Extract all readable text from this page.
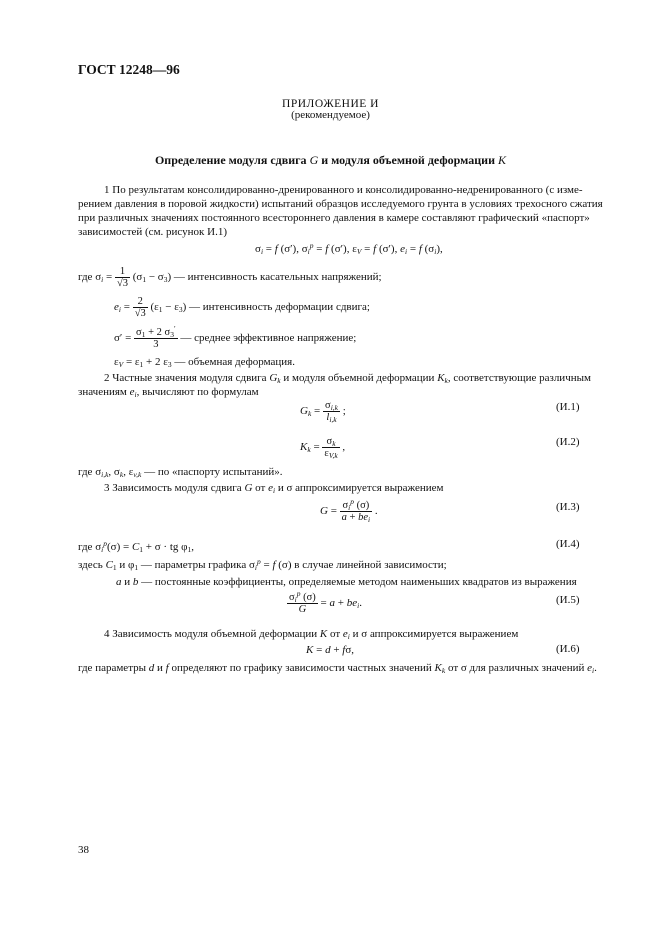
ГОСТ 12248—96
ПРИЛОЖЕНИЕ И
(рекомендуемое)
Определение модуля сдвига G и модуля объемной деформации K
1 По результатам консолидированно-дренированного и консолидированно-недренированного (с изме-
рением давления в поровой жидкости) испытаний образцов исследуемого грунта в условиях трехосного сжатия
при различных значениях постоянного всестороннего давления в камере составляют графический «паспорт»
зависимостей (см. рисунок И.1)
$\sigma_i = f$ (σ′), $\sigma_i^p = f$ (σ′), $\varepsilon_V = f$ (σ′), $e_i = f$ $(\sigma_i)$,
где $\sigma_i = \frac{1}{√3} (\sigma_1 - \sigma_3)$ — интенсивность касательных напряжений;
$e_i = \frac{2}{√3} (\varepsilon_1 - \varepsilon_3)$ — интенсивность деформации сдвига;
$\sigma' = \frac{\sigma_1 + 2 \sigma_3'}{3}$ — среднее эффективное напряжение;
$\varepsilon_V = \varepsilon_1 + 2$ $\varepsilon_3$ — объемная деформация.
2 Частные значения модуля сдвига $G_k$ и модуля объемной деформации $K_k$, соответствующие различным
значениям $e_i$, вычисляют по формулам
$G_k = \frac{\sigma_{i,k}}{l_{i,k}}$ ;	(И.1)
$K_k = \frac{\sigma_k}{\varepsilon_{V,k}}$ ,	(И.2)
где $\sigma_{i,k}$, $\sigma_k$, $\varepsilon_{v,k}$ — по «паспорту испытаний».
3 Зависимость модуля сдвига G от $e_i$ и σ аппроксимируется выражением
$G = \frac{\sigma_i^p (\sigma)}{a + be_i}$ .	(И.3)
где $\sigma_i^p(\sigma) = C_1 + \sigma$ · tg $\varphi_1$,	(И.4)
здесь $C_1$ и $\varphi_1$ — параметры графика $\sigma_i^p = f$ (σ) в случае линейной зависимости;
a и b — постоянные коэффициенты, определяемые методом наименьших квадратов из выражения
$\frac{\sigma_i^p (\sigma)}{G} = a + be_i$.	(И.5)
4 Зависимость модуля объемной деформации K от $e_i$ и σ аппроксимируется выражением
K = d + fσ,	(И.6)
где параметры d и f определяют по графику зависимости частных значений $K_k$ от σ для различных значений $e_i$.
38
